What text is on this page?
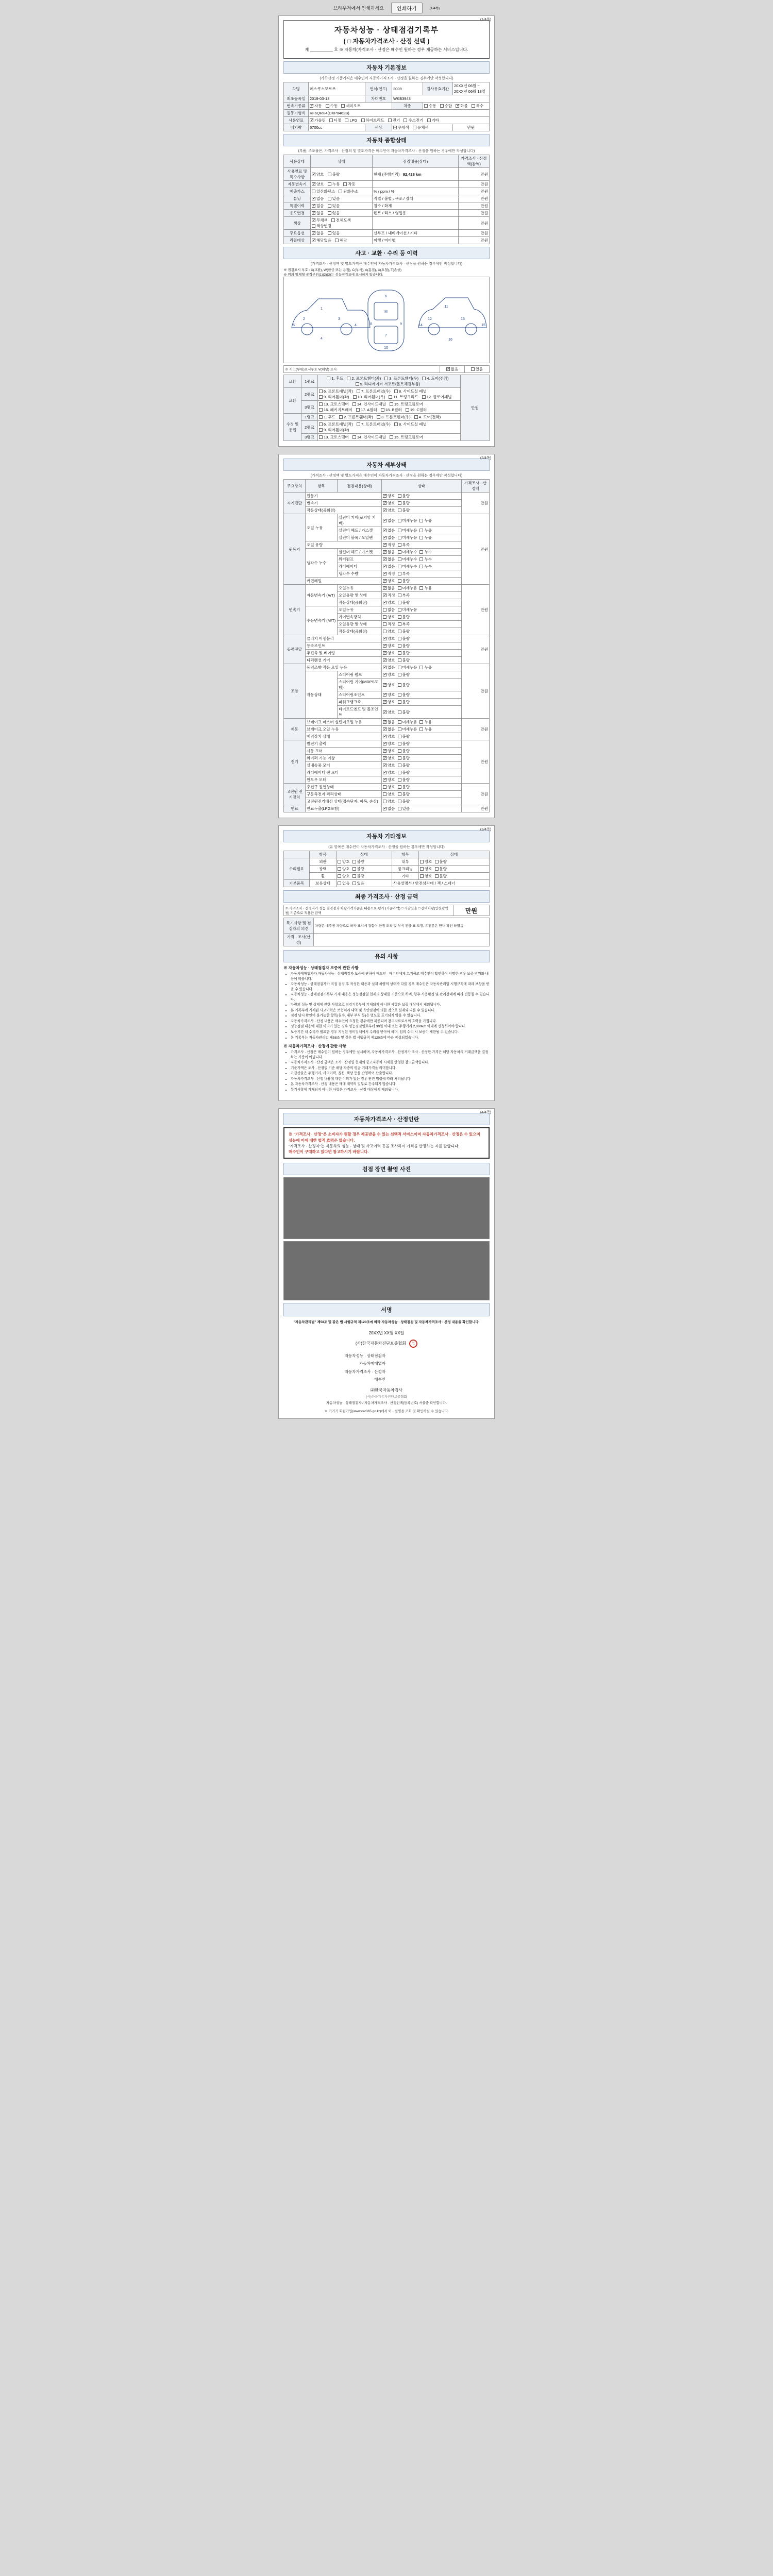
브라우저에서 인쇄하세요	인쇄하기	(1/4쪽)
(1/4쪽)
자동차성능 · 상태점검기록부
( □ 자동차가격조사 · 산정 선택 )
제 __________ 호 ※ 자동차(자격조사ㆍ산정은 매수인 원하는 경우 제공하는 서비스입니다.
자동차 기본정보
(가족산정 기준가격은 매수인이 자동차가격조사 · 산정을 원하는 경우에만 작성합니다)
차명	메스쿠스모르쓰	연식(연도)	2009	검사유효기간	20XX년 06월 ~ 20XX년 06월 13일
최초등록일	2019-03-13	차대번호	WKB3943		
변속기종류	✓자동 수동 세미오토		차종	승용 승합 ✓ 화물 특수
원동기형식	KF6QRH4(DXP0462B)				
사용연료	✓가솔린 디젤 LPG 하이브리드 전기 수소전기 기타
배기량	6700cc	색상	✓무채색 유채색		만원
자동차 종합상태
(부품, 주조율은, 가격조사 · 산정의 및 별도가격은 매수인이 자동차가격조사 · 산정을 원하는 경우에만 작성합니다)
사용상태	상태	점검내용(상태)	가격조사 · 산정액(감액)
사용연료 및 특수사항	✓양호 불량	현재 (주행거리) 92,428 km	만원
자동변속기	✓양호 누유 작동		만원
배출가스	일산화탄소 탄화수소	% / ppm / %	만원
튜닝	✓없음 있음	적법 / 불법 : 구조 / 장치	만원
특별이력	✓없음 있음	침수 / 화재	만원
용도변경	✓없음 있음	렌트 / 리스 / 영업용	만원
색상	✓무채색 전체도색 색상변경		만원
주요옵션	✓없음 있음	선루프 / 내비게이션 / 기타	만원
리콜대상	✓해당없음 해당	이행 / 미이행	만원
사고 · 교환 · 수리 등 이력
(가격조사 · 산정액 및 별도가격은 매수인이 자동차가격조사 · 산정을 원하는 경우에만 작성합니다)
※ 점검표시 부호 : X(교환), W(판금 또는 용접), C(부식), A(흠집), U(요철), T(손상)
※ 위의 일체형 골격부위(1)(2)(3)는 성능점검표에 표시하지 않습니다.
1
2	3
4
5
4
6
M
7
8	9
10
11
12	13
14	15
16
※ 시고(부위)표시부호 V(해당) 표시	✓없음	있음
교환	1랭크	1. 후드 2. 프론트휀더(좌) 3. 프론트휀더(우) 4. 도어(전좌) 5. 라디에이터 서포트(볼트체결부품)	만원
교환	2랭크	6. 프론트패널(좌) 7. 프론트패널(우) 8. 사이드실 패널 9. 리어휀더(좌) 10. 리어휀더(우) 11. 트렁크리드 12. 플로어패널	
	3랭크	13. 크로스멤버 14. 인사이드패널 15. 트렁크플로어 16. 패키지트레이 17. A필러 18. B필러 19. C필러	
수정 및 용접	1랭크	1. 후드 2. 프론트휀더(좌) 3. 프론트휀더(우) 4. 도어(전좌)	
	2랭크	6. 프론트패널(좌) 7. 프론트패널(우) 8. 사이드실 패널 9. 리어휀더(좌)	
	3랭크	13. 크로스멤버 14. 인사이드패널 15. 트렁크플로어	
(2/4쪽)
자동차 세부상태
(가격조사 · 산정액 및 별도가격은 매수인이 자동차가격조사 · 산정을 원하는 경우에만 작성합니다)
주요장치	항목	점검내용(상태)	상태	가격조사 · 산정액
자기진단	원동기	✓양호 불량	만원
	변속기	✓양호 불량
	작동상태(공회전)	✓양호 불량
원동기	오일 누유	실린더 커버(로커암 커버)	✓없음 미세누유 누유	만원
		실린더 헤드 / 가스켓	✓없음 미세누유 누유
		실린더 블록 / 오일팬	✓없음 미세누유 누유
	오일 유량	✓적정 부족
	냉각수 누수	실린더 헤드 / 가스켓	✓없음 미세누수 누수
		워터펌프	✓없음 미세누수 누수
		라디에이터	✓없음 미세누수 누수
		냉각수 수량	✓적정 부족
	커먼레일	✓양호 불량
변속기	자동변속기 (A/T)	오일누유	✓없음 미세누유 누유	만원
		오일유량 및 상태	✓적정 부족
		작동상태(공회전)	✓양호 불량
	수동변속기 (M/T)	오일누유	없음 미세누유	
		기어변속장치	양호 불량	
		오일유량 및 상태	적정 부족	
		작동상태(공회전)	양호 불량	
동력전달	클러치 어셈블리	✓양호 불량	만원
	등속조인트	✓양호 불량
	추진축 및 베어링	✓양호 불량
	디퍼렌셜 기어	✓양호 불량
조향	동력조향 작동 오일 누유	✓없음 미세누유 누유	만원
	작동상태	스티어링 펌프	✓양호 불량
		스티어링 기어(MDPS포함)	✓양호 불량
		스티어링조인트	✓양호 불량
		파워크랭크축	✓양호 불량
		타이로드엔드 및 볼조인트	✓양호 불량
제동	브레이크 마스터 실린더오일 누유	✓없음 미세누유 누유	만원
	브레이크 오일 누유	✓없음 미세누유 누유
	배력장치 상태	✓양호 불량
전기	발전기 출력	✓양호 불량	만원
	시동 모터	✓양호 불량
	와이퍼 기능 이상	✓양호 불량
	실내송풍 모터	✓양호 불량
	라디에이터 팬 모터	✓양호 불량
	윈도우 모터	✓양호 불량
고전원 전기장치	충전구 절연상태		양호 불량	만원
	구동축전지 격리상태		양호 불량	
	고전원전기배선 상태(접속단자, 피복, 손상)		양호 불량	
연료	연료누출(LPG포함)	✓없음 있음	만원
(3/4쪽)
자동차 기타정보
(유 항목은 매수인이 자동차가격조사 · 산정을 원하는 경우에만 작성합니다)
	항목	상태	항목	상태
수리필요	외판	양호 불량	내부	양호 불량
	광택	양호 불량	룸크리닝	양호 불량
	휠	양호 불량	기타	양호 불량
기본품목	보유상태	없음 있음	사용설명서 / 안전삼각대 / 잭 / 스패너	
최종 가격조사 · 산정 금액
※ 가격조사 · 산정자가 성능 점검결과 차량가격기준을 내용으로 평가 (기준가액) □ 가감산율 □ 잔여차량(인천광역청) 기준으로 적용한 금액	만원
특기사항 및 점검자의 의견	차량은 매주공 차량으로 하자 표시에 결함이 한점 도착 및 부식 진출 표 도장, 유전분은 안내 확인 하였음
가격 · 조사(산정)	
유의 사항
※ 자동차성능 · 상태점검자 보증에 관한 사항
• 자동차매매업자가 자동차성능 · 상태점검자 보증에 관하여 매도인 · 매수인에게 고지하고 매수인이 확인하여 서명한 경우 보증 범위와 내용에 따릅니다.
• 자동차성능 · 상태점검자가 직접 점검 후 작성한 내용과 실제 차량의 상태가 다를 경우 매수인은 자동차관리법 시행규칙에 따라 보상을 받을 수 있습니다.
• 자동차성능 · 상태점검기록부 기재 내용은 성능점검일 현재의 상태를 기준으로 하며, 향후 사용환경 및 관리상태에 따라 변동될 수 있습니다.
• 차량의 성능 및 상태에 관한 사항으로 점검기록부에 기재되지 아니한 사항은 보증 대상에서 제외됩니다.
• 본 기록부에 기재된 사고이력은 보험처리 내역 및 육안점검에 의한 것으로 실제와 다를 수 있습니다.
• 점검 당시 확인이 불가능한 항목(침수, 내부 부식 등)은 별도로 표기되지 않을 수 있습니다.
• 자동차가격조사 · 산정 내용은 매수인이 요청한 경우에만 제공되며 참고자료로서의 효력을 가집니다.
• 성능점검 내용에 대한 이의가 있는 경우 성능점검일로부터 30일 이내 또는 주행거리 2,000km 이내에 신청하여야 합니다.
• 보증기간 내 수리가 필요한 경우 지정된 정비업체에서 수리를 받아야 하며, 임의 수리 시 보증이 제한될 수 있습니다.
• 본 기록부는 자동차관리법 제58조 및 같은 법 시행규칙 제120조에 따라 작성되었습니다.
※ 자동차가격조사 · 산정에 관한 사항
• 가격조사 · 산정은 매수인이 원하는 경우에만 실시하며, 자동차가격조사 · 산정자가 조사 · 산정한 가격은 해당 자동차의 거래금액을 결정하는 기준이 아닙니다.
• 자동차가격조사 · 산정 금액은 조사 · 산정일 현재의 중고자동차 시세를 반영한 참고금액입니다.
• 기준가액은 조사 · 산정일 기준 해당 차종의 평균 거래가격을 의미합니다.
• 가감산율은 주행거리, 사고이력, 옵션, 색상 등을 반영하여 산출합니다.
• 자동차가격조사 · 산정 내용에 대한 이의가 있는 경우 관련 법령에 따라 처리됩니다.
• 본 자동차가격조사 · 산정 내용은 매매 계약의 일부로 간주되지 않습니다.
• 특기사항에 기재되지 아니한 사항은 가격조사 · 산정 대상에서 제외됩니다.
(4/4쪽)
자동차가격조사 · 산정인란
※ "가격조사 · 산정"은 소비자가 원할 경우 제공받을 수 있는 선택적 서비스이며 자동차가격조사 · 산정은 수 있으며 성능에 이에 대한 법적 효력은 없습니다.
"가격조사 · 산정자"는 자동차의 성능 · 상태 및 사고이력 등을 조사하여 가격을 산정하는 자를 말합니다.
매수인이 구매하고 있다면 참고하시기 바랍니다.
검점 장면 촬영 사진
서명
"자동차관리법" 제58조 및 같은 법 시행규칙 제120조에 따라 자동차성능 · 상태점검 및 자동차가격조사 · 산정 내용을 확인합니다.
20XX년 XX월 XX일
(사)한국자동차진단보증협회 인
자동차성능 · 상태점검자	
자동차매매업자	
자동차가격조사 · 산정자	
매수인	
㈜한국자동차검사
(사)한국자동차진단보증협회
자동차성능 · 상태점검자 / 자동차가격조사 · 산정인백(등록번호) 서울중 확인합니다.
※ 가기기 회원가입(www.car365.go.kr)에서 이 · 설명을 조회 및 확인하실 수 있습니다.
